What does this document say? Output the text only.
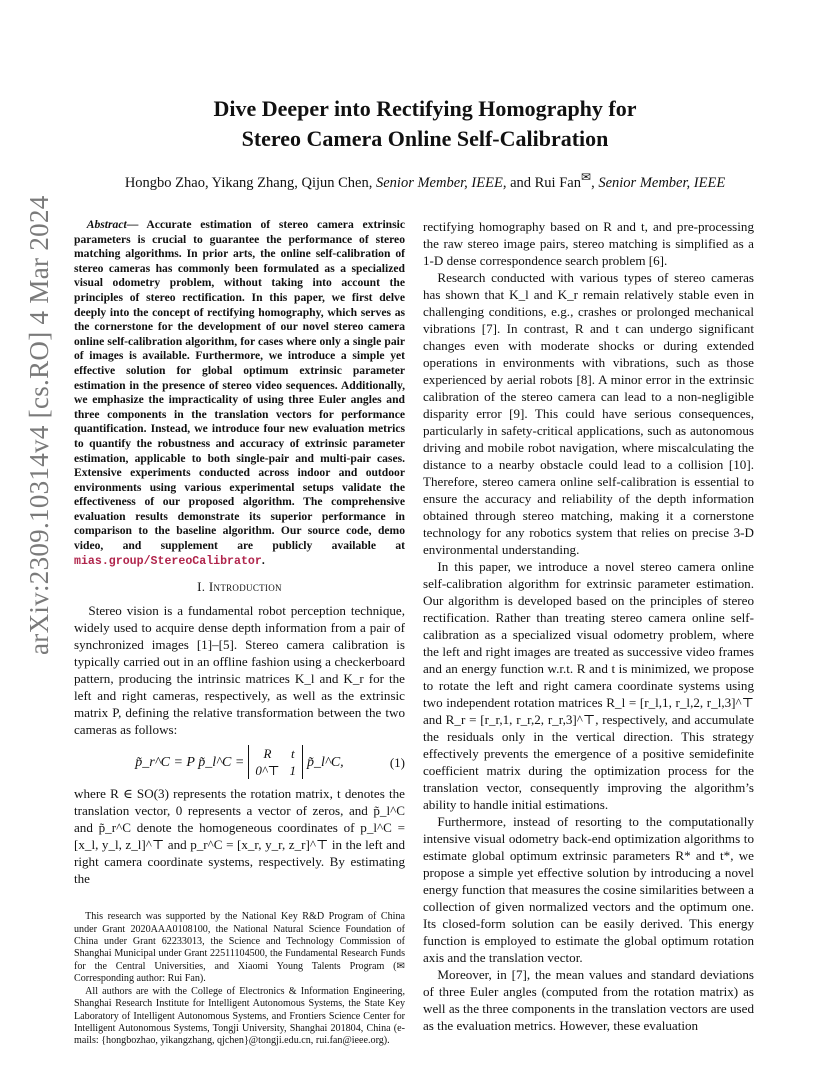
arXiv:2309.10314v4 [cs.RO] 4 Mar 2024
Dive Deeper into Rectifying Homography for
Stereo Camera Online Self-Calibration
Hongbo Zhao, Yikang Zhang, Qijun Chen, Senior Member, IEEE, and Rui Fan✉, Senior Member, IEEE

Abstract— Accurate estimation of stereo camera extrinsic parameters is crucial to guarantee the performance of stereo matching algorithms. In prior arts, the online self-calibration of stereo cameras has commonly been formulated as a specialized visual odometry problem, without taking into account the principles of stereo rectification. In this paper, we first delve deeply into the concept of rectifying homography, which serves as the cornerstone for the development of our novel stereo camera online self-calibration algorithm, for cases where only a single pair of images is available. Furthermore, we introduce a simple yet effective solution for global optimum extrinsic parameter estimation in the presence of stereo video sequences. Additionally, we emphasize the impracticality of using three Euler angles and three components in the translation vectors for performance quantification. Instead, we introduce four new evaluation metrics to quantify the robustness and accuracy of extrinsic parameter estimation, applicable to both single-pair and multi-pair cases. Extensive experiments conducted across indoor and outdoor environments using various experimental setups validate the effectiveness of our proposed algorithm. The comprehensive evaluation results demonstrate its superior performance in comparison to the baseline algorithm. Our source code, demo video, and supplement are publicly available at mias.group/StereoCalibrator.

I. Introduction

Stereo vision is a fundamental robot perception technique, widely used to acquire dense depth information from a pair of synchronized images [1]–[5]. Stereo camera calibration is typically carried out in an offline fashion using a checkerboard pattern, producing the intrinsic matrices K_l and K_r for the left and right cameras, respectively, as well as the extrinsic matrix P, defining the relative transformation between the two cameras as follows:

p̃_r^C = P p̃_l^C =
R	t
0^⊤ 1
p̃_l^C,	(1)

where R ∈ SO(3) represents the rotation matrix, t denotes the translation vector, 0 represents a vector of zeros, and p̃_l^C and p̃_r^C denote the homogeneous coordinates of p_l^C = [x_l, y_l, z_l]^⊤ and p_r^C = [x_r, y_r, z_r]^⊤ in the left and right camera coordinate systems, respectively. By estimating the

This research was supported by the National Key R&D Program of China under Grant 2020AAA0108100, the National Natural Science Foundation of China under Grant 62233013, the Science and Technology Commission of Shanghai Municipal under Grant 22511104500, the Fundamental Research Funds for the Central Universities, and Xiaomi Young Talents Program (✉ Corresponding author: Rui Fan).

All authors are with the College of Electronics & Information Engineering, Shanghai Research Institute for Intelligent Autonomous Systems, the State Key Laboratory of Intelligent Autonomous Systems, and Frontiers Science Center for Intelligent Autonomous Systems, Tongji University, Shanghai 201804, China (e-mails: {hongbozhao, yikangzhang, qjchen}@tongji.edu.cn, rui.fan@ieee.org).

rectifying homography based on R and t, and pre-processing the raw stereo image pairs, stereo matching is simplified as a 1-D dense correspondence search problem [6].

Research conducted with various types of stereo cameras has shown that K_l and K_r remain relatively stable even in challenging conditions, e.g., crashes or prolonged mechanical vibrations [7]. In contrast, R and t can undergo significant changes even with moderate shocks or during extended operations in environments with vibrations, such as those experienced by aerial robots [8]. A minor error in the extrinsic calibration of the stereo camera can lead to a non-negligible disparity error [9]. This could have serious consequences, particularly in safety-critical applications, such as autonomous driving and mobile robot navigation, where miscalculating the distance to a nearby obstacle could lead to a collision [10]. Therefore, stereo camera online self-calibration is essential to ensure the accuracy and reliability of the depth information obtained through stereo matching, making it a cornerstone technology for any robotics system that relies on precise 3-D environmental understanding.

In this paper, we introduce a novel stereo camera online self-calibration algorithm for extrinsic parameter estimation. Our algorithm is developed based on the principles of stereo rectification. Rather than treating stereo camera online self-calibration as a specialized visual odometry problem, where the left and right images are treated as successive video frames and an energy function w.r.t. R and t is minimized, we propose to rotate the left and right camera coordinate systems using two independent rotation matrices R_l = [r_l,1, r_l,2, r_l,3]^⊤ and R_r = [r_r,1, r_r,2, r_r,3]^⊤, respectively, and accumulate the residuals only in the vertical direction. This strategy effectively prevents the emergence of a positive semidefinite coefficient matrix during the optimization process for the translation vector, consequently improving the algorithm’s ability to handle initial estimations.

Furthermore, instead of resorting to the computationally intensive visual odometry back-end optimization algorithms to estimate global optimum extrinsic parameters R* and t*, we propose a simple yet effective solution by introducing a novel energy function that measures the cosine similarities between a collection of given normalized vectors and the optimum one. Its closed-form solution can be easily derived. This energy function is employed to estimate the global optimum rotation axis and the translation vector.

Moreover, in [7], the mean values and standard deviations of three Euler angles (computed from the rotation matrix) as well as the three components in the translation vectors are used as the evaluation metrics. However, these evaluation
